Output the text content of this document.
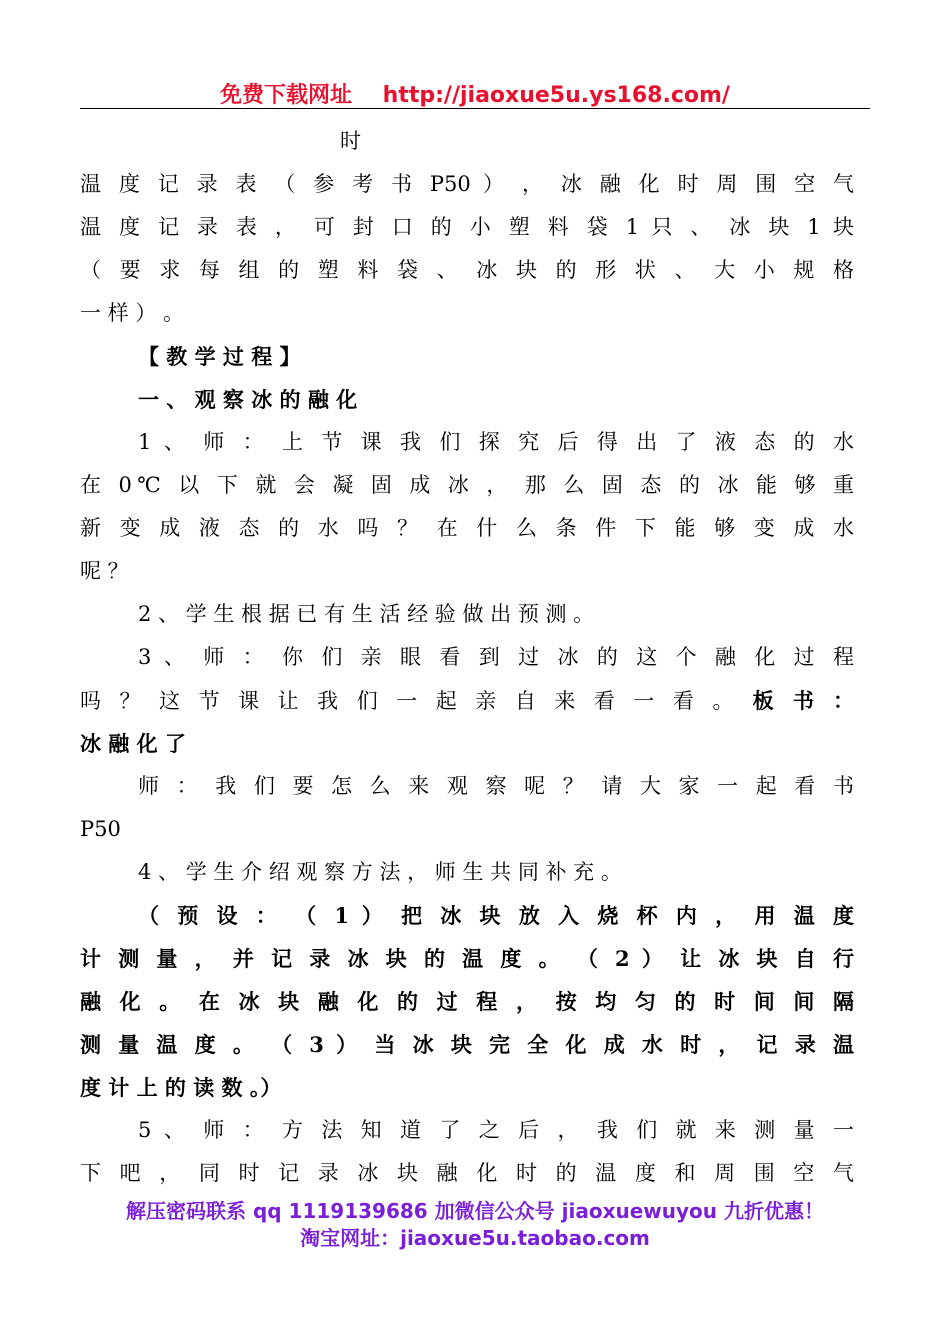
免费下载网址 http://jiaoxue5u.ys168.com/
时
温 度 记 录 表 （ 参 考 书 P50 ） ， 冰 融 化 时 周 围 空 气
温 度 记 录 表 ， 可 封 口 的 小 塑 料 袋 1 只 、 冰 块 1 块
（ 要 求 每 组 的 塑 料 袋 、 冰 块 的 形 状 、 大 小 规 格
一 样 ） 。
【 教 学 过 程 】
一 、 观 察 冰 的 融 化
1 、 师 ： 上 节 课 我 们 探 究 后 得 出 了 液 态 的 水
在 0℃ 以 下 就 会 凝 固 成 冰 ， 那 么 固 态 的 冰 能 够 重
新 变 成 液 态 的 水 吗 ？ 在 什 么 条 件 下 能 够 变 成 水
呢 ？
2 、 学 生 根 据 已 有 生 活 经 验 做 出 预 测 。
3 、 师 ： 你 们 亲 眼 看 到 过 冰 的 这 个 融 化 过 程
吗 ？ 这 节 课 让 我 们 一 起 亲 自 来 看 一 看 。 板 书 ：
冰 融 化 了
师 ： 我 们 要 怎 么 来 观 察 呢 ？ 请 大 家 一 起 看 书
P50
4 、 学 生 介 绍 观 察 方 法 ， 师 生 共 同 补 充 。
（ 预 设 ： （ 1 ） 把 冰 块 放 入 烧 杯 内 ， 用 温 度
计 测 量 ， 并 记 录 冰 块 的 温 度 。 （ 2 ） 让 冰 块 自 行
融 化 。 在 冰 块 融 化 的 过 程 ， 按 均 匀 的 时 间 间 隔
测 量 温 度 。 （ 3 ） 当 冰 块 完 全 化 成 水 时 ， 记 录 温
度 计 上 的 读 数 。）
5 、 师 ： 方 法 知 道 了 之 后 ， 我 们 就 来 测 量 一
下 吧 ， 同 时 记 录 冰 块 融 化 时 的 温 度 和 周 围 空 气
解压密码联系 qq 1119139686 加微信公众号 jiaoxuewuyou 九折优惠！
淘宝网址：jiaoxue5u.taobao.com
